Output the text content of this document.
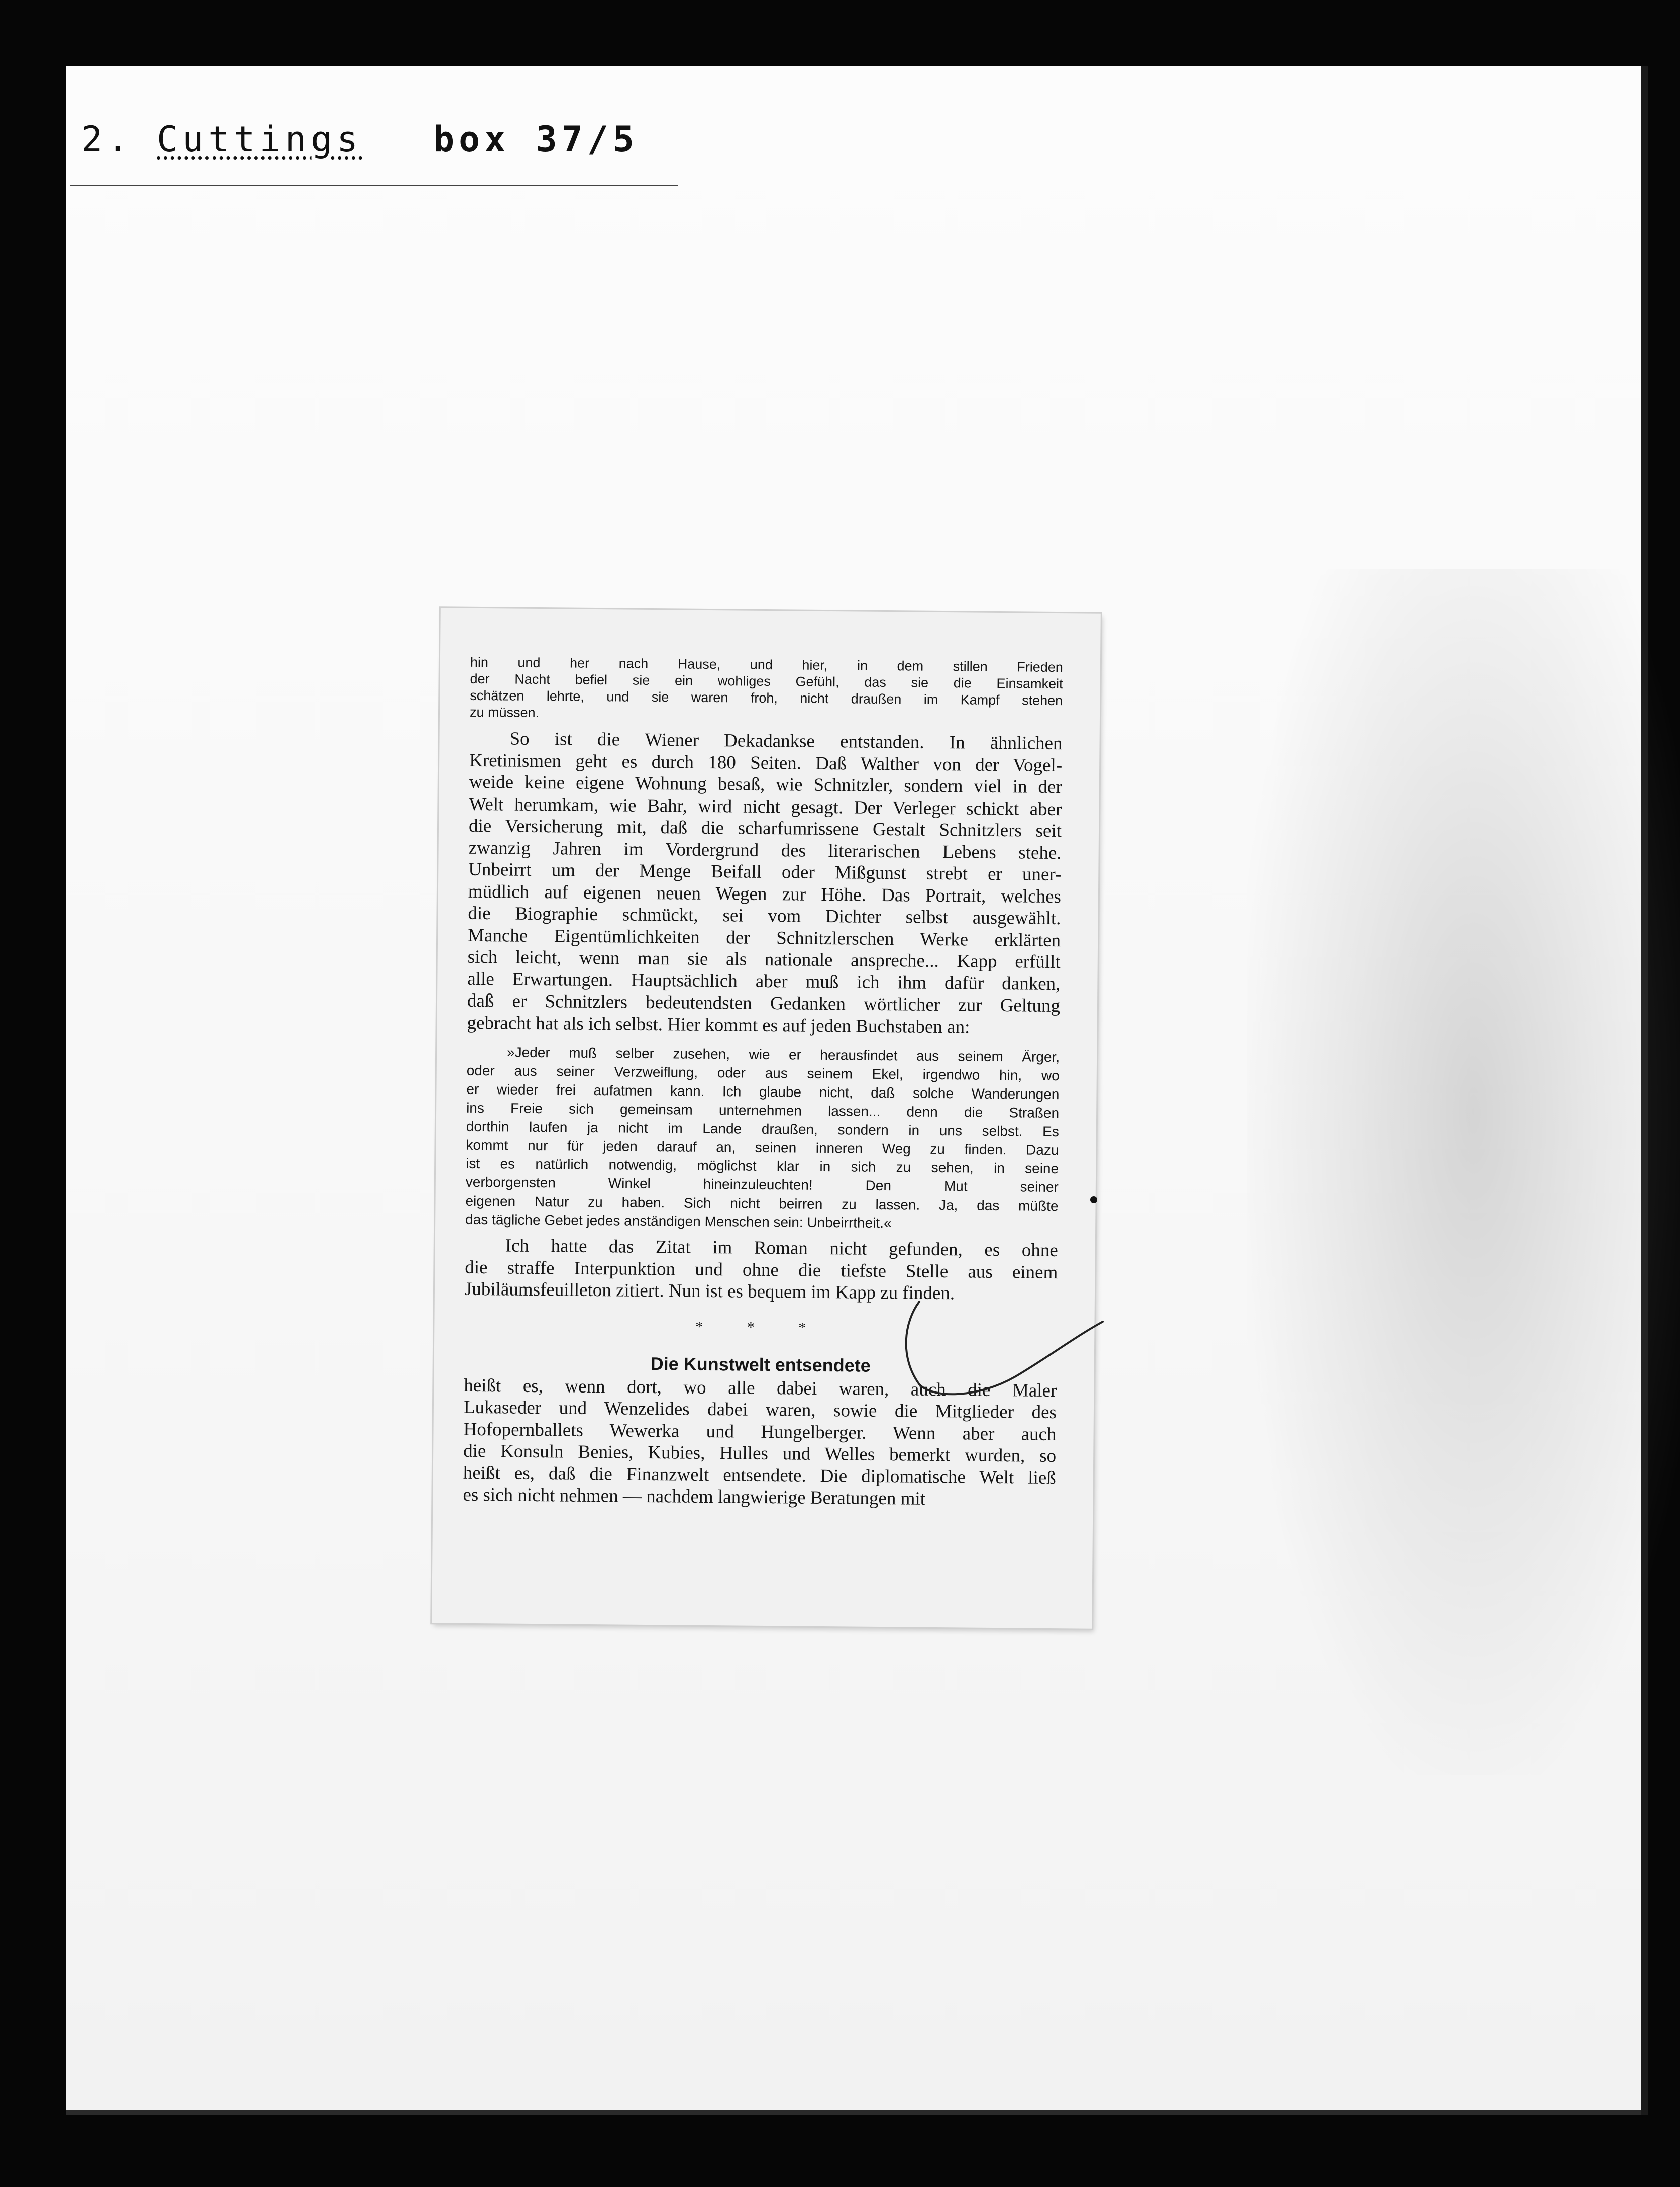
2. Cuttings box 37/5

hin und her nach Hause, und hier, in dem stillen Frieden

der Nacht befiel sie ein wohliges Gefühl, das sie die Einsamkeit

schätzen lehrte, und sie waren froh, nicht draußen im Kampf stehen

zu müssen.

So ist die Wiener Dekadankse entstanden. In ähnlichen

Kretinismen geht es durch 180 Seiten. Daß Walther von der Vogel-

weide keine eigene Wohnung besaß, wie Schnitzler, sondern viel in der

Welt herumkam, wie Bahr, wird nicht gesagt. Der Verleger schickt aber

die Versicherung mit, daß die scharfumrissene Gestalt Schnitzlers seit

zwanzig Jahren im Vordergrund des literarischen Lebens stehe.

Unbeirrt um der Menge Beifall oder Mißgunst strebt er uner-

müdlich auf eigenen neuen Wegen zur Höhe. Das Portrait, welches

die Biographie schmückt, sei vom Dichter selbst ausgewählt.

Manche Eigentümlichkeiten der Schnitzlerschen Werke erklärten

sich leicht, wenn man sie als nationale anspreche... Kapp erfüllt

alle Erwartungen. Hauptsächlich aber muß ich ihm dafür danken,

daß er Schnitzlers bedeutendsten Gedanken wörtlicher zur Geltung

gebracht hat als ich selbst. Hier kommt es auf jeden Buchstaben an:

»Jeder muß selber zusehen, wie er herausfindet aus seinem Ärger,

oder aus seiner Verzweiflung, oder aus seinem Ekel, irgendwo hin, wo

er wieder frei aufatmen kann. Ich glaube nicht, daß solche Wanderungen

ins Freie sich gemeinsam unternehmen lassen... denn die Straßen

dorthin laufen ja nicht im Lande draußen, sondern in uns selbst. Es

kommt nur für jeden darauf an, seinen inneren Weg zu finden. Dazu

ist es natürlich notwendig, möglichst klar in sich zu sehen, in seine

verborgensten Winkel hineinzuleuchten! Den Mut seiner

eigenen Natur zu haben. Sich nicht beirren zu lassen. Ja, das müßte

das tägliche Gebet jedes anständigen Menschen sein: Unbeirrtheit.«

Ich hatte das Zitat im Roman nicht gefunden, es ohne

die straffe Interpunktion und ohne die tiefste Stelle aus einem

Jubiläumsfeuilleton zitiert. Nun ist es bequem im Kapp zu finden.

* * *
Die Kunstwelt entsendete

heißt es, wenn dort, wo alle dabei waren, auch die Maler

Lukaseder und Wenzelides dabei waren, sowie die Mitglieder des

Hofopernballets Wewerka und Hungelberger. Wenn aber auch

die Konsuln Benies, Kubies, Hulles und Welles bemerkt wurden, so

heißt es, daß die Finanzwelt entsendete. Die diplomatische Welt ließ

es sich nicht nehmen — nachdem langwierige Beratungen mit
